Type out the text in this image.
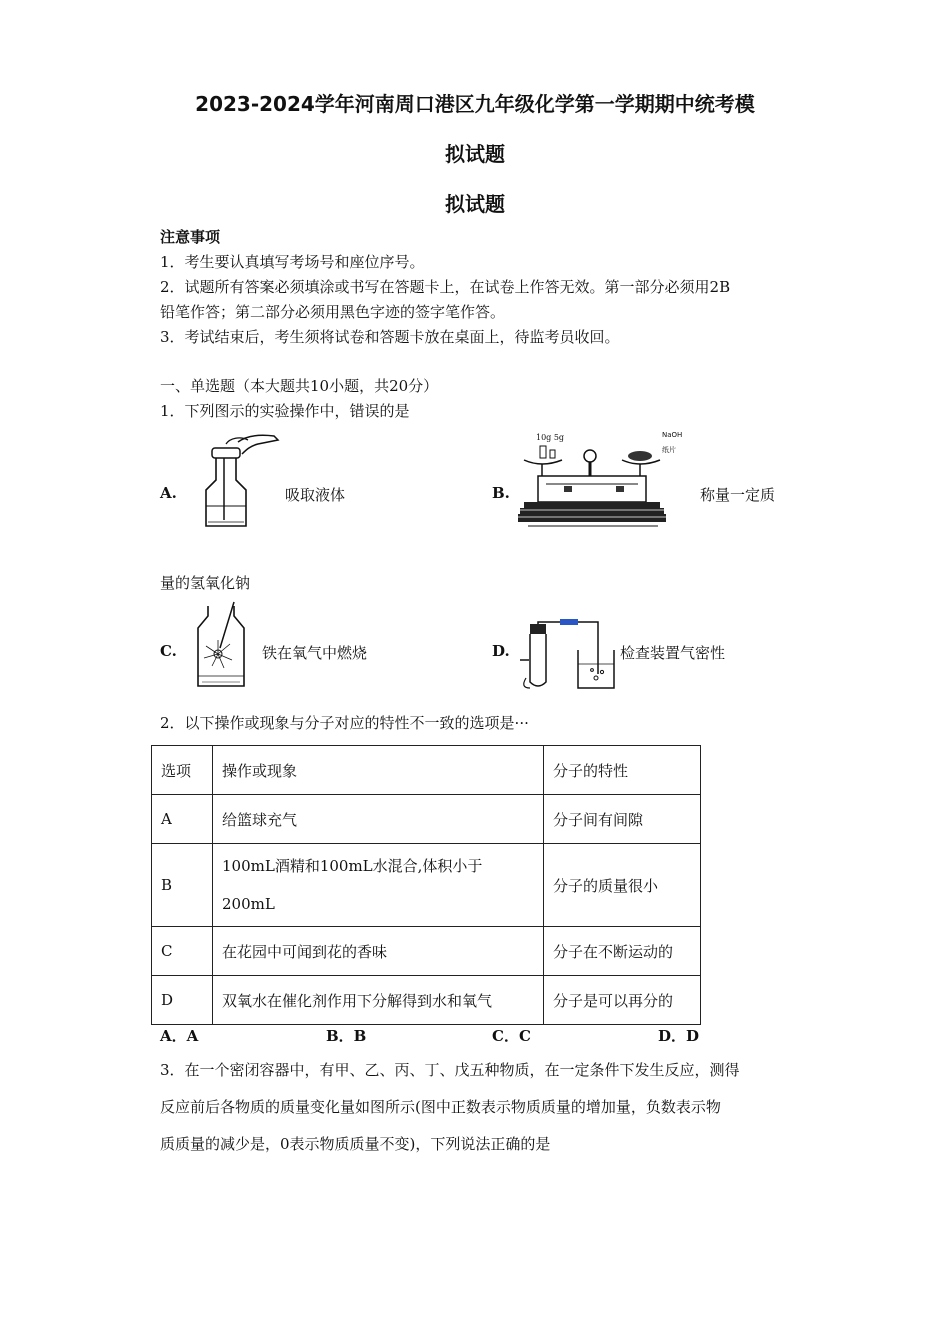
2023-2024学年河南周口港区九年级化学第一学期期中统考模
拟试题
拟试题
注意事项
1．考生要认真填写考场号和座位序号。
2．试题所有答案必须填涂或书写在答题卡上，在试卷上作答无效。第一部分必须用2B
铅笔作答；第二部分必须用黑色字迹的签字笔作答。
3．考试结束后，考生须将试卷和答题卡放在桌面上，待监考员收回。
一、单选题（本大题共10小题，共20分）
1．下列图示的实验操作中，错误的是
A.	吸取液体	B.
10g 5g	NaOH
纸片
称量一定质
量的氢氧化钠
C.	铁在氧气中燃烧	D.	检查装置气密性
2．以下操作或现象与分子对应的特性不一致的选项是···
选项	操作或现象	分子的特性
A	给篮球充气	分子间有间隙
B	100mL酒精和100mL水混合,体积小于
200mL	分子的质量很小
C	在花园中可闻到花的香味	分子在不断运动的
D	双氧水在催化剂作用下分解得到水和氧气	分子是可以再分的
A．A	B．B	C．C	D．D
3．在一个密闭容器中，有甲、乙、丙、丁、戊五种物质，在一定条件下发生反应，测得
反应前后各物质的质量变化量如图所示(图中正数表示物质质量的增加量，负数表示物
质质量的减少是，0表示物质质量不变)，下列说法正确的是
